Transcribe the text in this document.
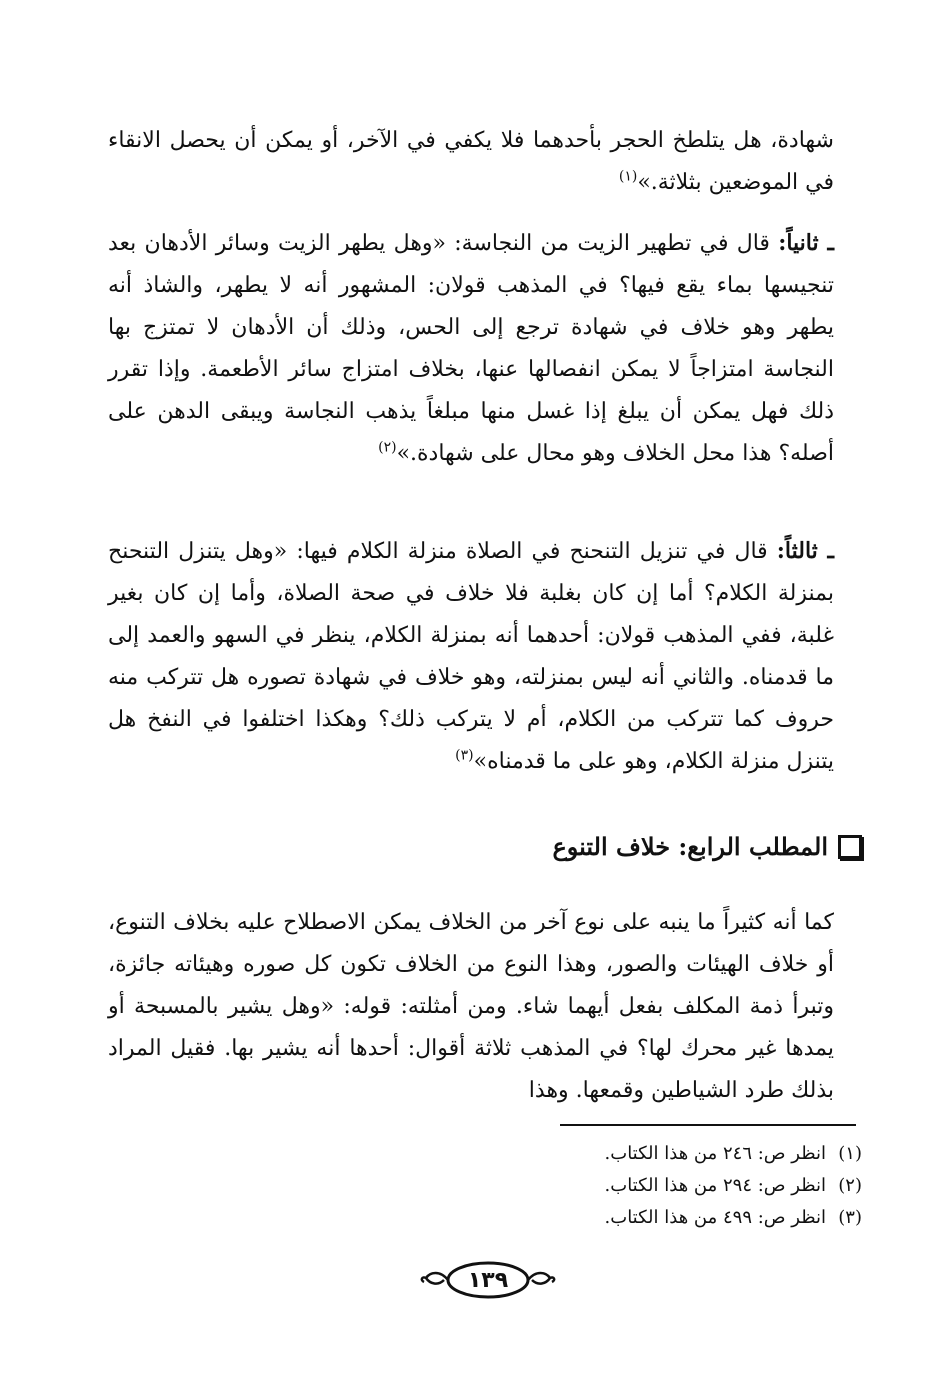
شهادة، هل يتلطخ الحجر بأحدهما فلا يكفي في الآخر، أو يمكن أن يحصل الانقاء في الموضعين بثلاثة.»$^{(١)}$

ـ ثانياً: قال في تطهير الزيت من النجاسة: «وهل يطهر الزيت وسائر الأدهان بعد تنجيسها بماء يقع فيها؟ في المذهب قولان: المشهور أنه لا يطهر، والشاذ أنه يطهر وهو خلاف في شهادة ترجع إلى الحس، وذلك أن الأدهان لا تمتزج بها النجاسة امتزاجاً لا يمكن انفصالها عنها، بخلاف امتزاج سائر الأطعمة. وإذا تقرر ذلك فهل يمكن أن يبلغ إذا غسل منها مبلغاً يذهب النجاسة ويبقى الدهن على أصله؟ هذا محل الخلاف وهو محال على شهادة.»$^{(٢)}$

ـ ثالثاً: قال في تنزيل التنحنح في الصلاة منزلة الكلام فيها: «وهل يتنزل التنحنح بمنزلة الكلام؟ أما إن كان بغلبة فلا خلاف في صحة الصلاة، وأما إن كان بغير غلبة، ففي المذهب قولان: أحدهما أنه بمنزلة الكلام، ينظر في السهو والعمد إلى ما قدمناه. والثاني أنه ليس بمنزلته، وهو خلاف في شهادة تصوره هل تتركب منه حروف كما تتركب من الكلام، أم لا يتركب ذلك؟ وهكذا اختلفوا في النفخ هل يتنزل منزلة الكلام، وهو على ما قدمناه»$^{(٣)}$

المطلب الرابع: خلاف التنوع

كما أنه كثيراً ما ينبه على نوع آخر من الخلاف يمكن الاصطلاح عليه بخلاف التنوع، أو خلاف الهيئات والصور، وهذا النوع من الخلاف تكون كل صوره وهيئاته جائزة، وتبرأ ذمة المكلف بفعل أيهما شاء. ومن أمثلته: قوله: «وهل يشير بالمسبحة أو يمدها غير محرك لها؟ في المذهب ثلاثة أقوال: أحدها أنه يشير بها. فقيل المراد بذلك طرد الشياطين وقمعها. وهذا

(١)انظر ص: ٢٤٦ من هذا الكتاب.
(٢)انظر ص: ٢٩٤ من هذا الكتاب.
(٣)انظر ص: ٤٩٩ من هذا الكتاب.
١٣٩
